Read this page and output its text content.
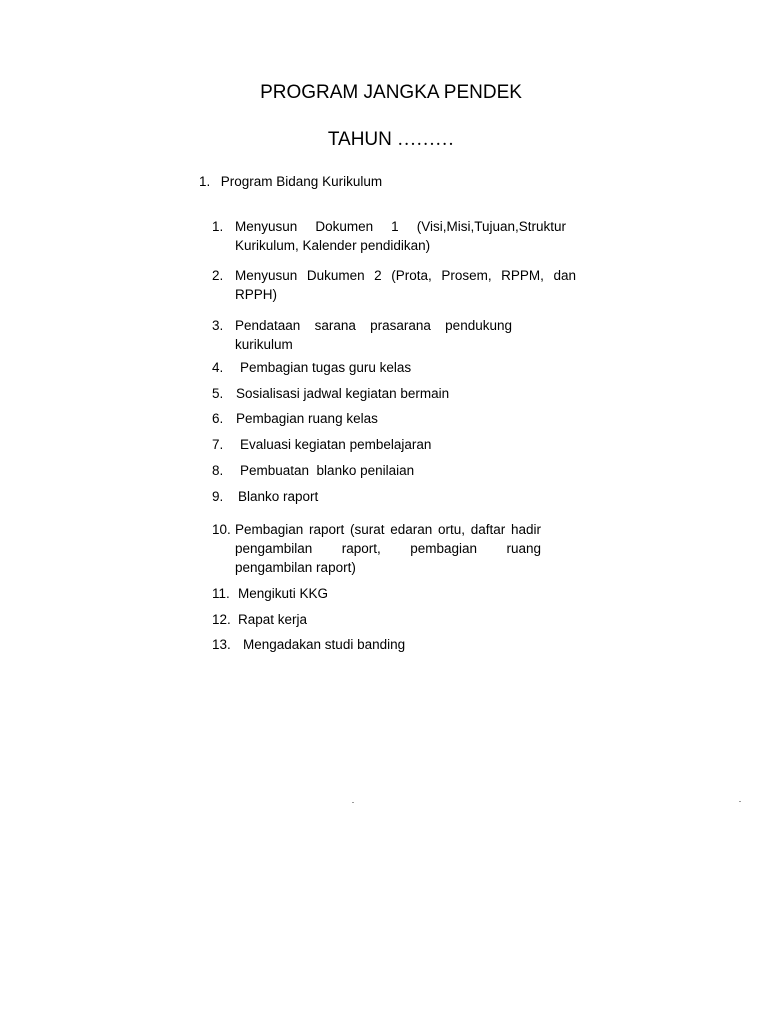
PROGRAM JANGKA PENDEK
TAHUN ………
1. Program Bidang Kurikulum
1. Menyusun Dokumen 1 (Visi,Misi,Tujuan,Struktur
Kurikulum, Kalender pendidikan)
2. Menyusun Dukumen 2 (Prota, Prosem, RPPM, dan
RPPH)
3. Pendataan sarana prasarana pendukung
kurikulum
4. Pembagian tugas guru kelas
5. Sosialisasi jadwal kegiatan bermain
6. Pembagian ruang kelas
7. Evaluasi kegiatan pembelajaran
8. Pembuatan  blanko penilaian
9. Blanko raport
10. Pembagian raport (surat edaran ortu, daftar hadir pengambilan raport, pembagian ruang
pengambilan raport)
11. Mengikuti KKG
12. Rapat kerja
13. Mengadakan studi banding
